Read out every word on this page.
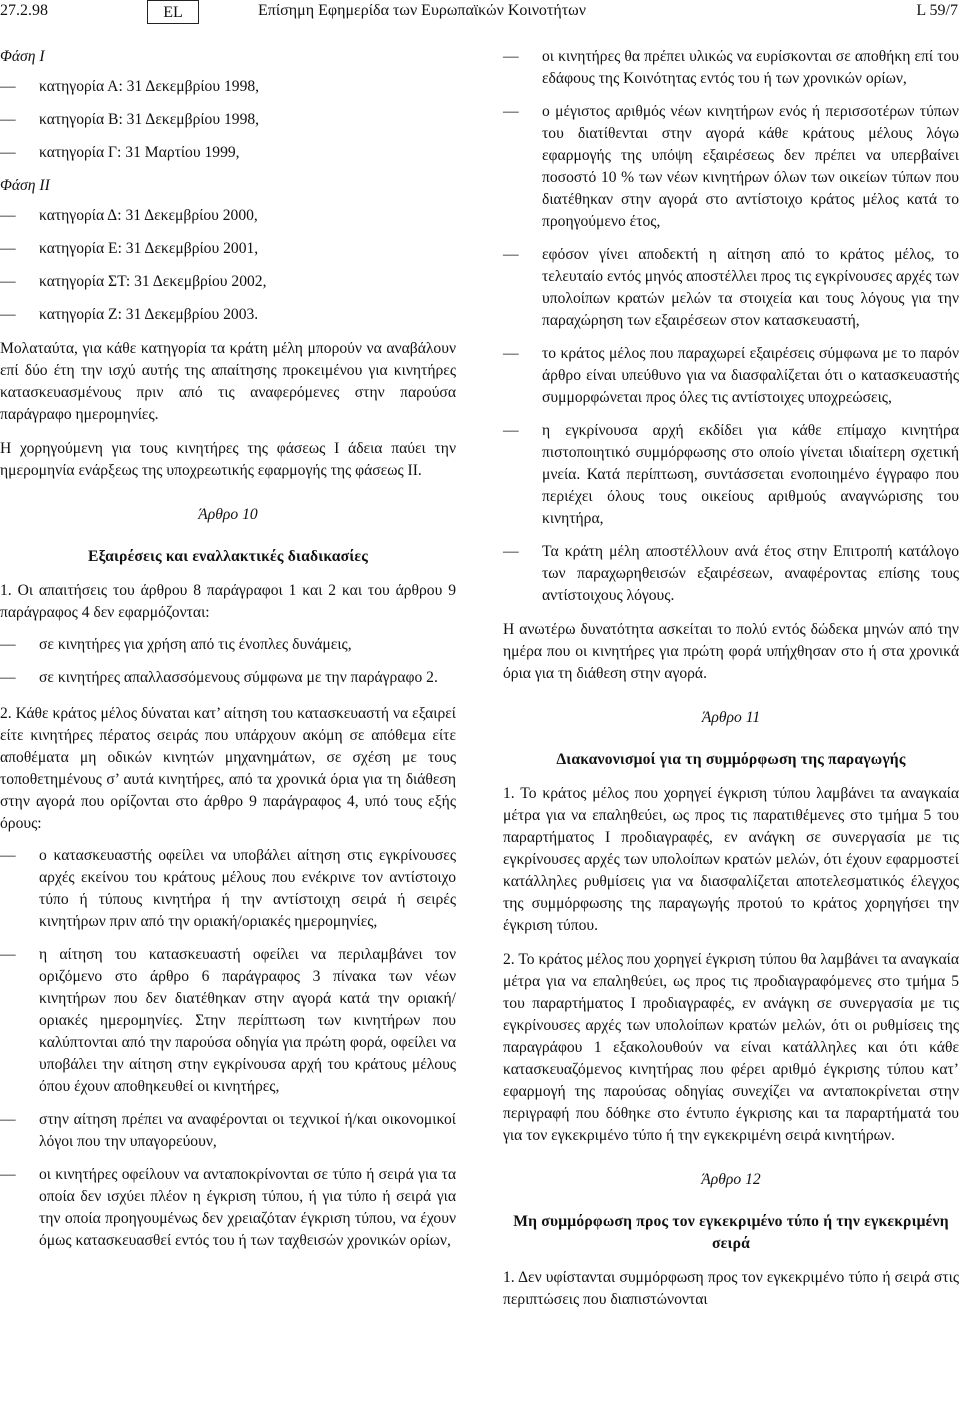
27.2.98	EL	Επίσημη Εφημερίδα των Ευρωπαϊκών Κοινοτήτων	L 59/7

Φάση I

—	κατηγορία Α: 31 Δεκεμβρίου 1998,
—	κατηγορία Β: 31 Δεκεμβρίου 1998,
—	κατηγορία Γ: 31 Μαρτίου 1999,

Φάση II

—	κατηγορία Δ: 31 Δεκεμβρίου 2000,
—	κατηγορία Ε: 31 Δεκεμβρίου 2001,
—	κατηγορία ΣΤ: 31 Δεκεμβρίου 2002,
—	κατηγορία Ζ: 31 Δεκεμβρίου 2003.

Μολαταύτα, για κάθε κατηγορία τα κράτη μέλη μπορούν να αναβάλουν επί δύο έτη την ισχύ αυτής της απαίτησης προκειμένου για κινητήρες κατασκευασμένους πριν από τις αναφερόμενες στην παρούσα παράγραφο ημερομηνίες.

Η χορηγούμενη για τους κινητήρες της φάσεως I άδεια παύει την ημερομηνία ενάρξεως της υποχρεωτικής εφαρμογής της φάσεως II.

Άρθρο 10

Εξαιρέσεις και εναλλακτικές διαδικασίες

1. Οι απαιτήσεις του άρθρου 8 παράγραφοι 1 και 2 και του άρθρου 9 παράγραφος 4 δεν εφαρμόζονται:

—	σε κινητήρες για χρήση από τις ένοπλες δυνάμεις,
—	σε κινητήρες απαλλασσόμενους σύμφωνα με την παράγραφο 2.

2. Κάθε κράτος μέλος δύναται κατ’ αίτηση του κατασκευαστή να εξαιρεί είτε κινητήρες πέρατος σειράς που υπάρχουν ακόμη σε απόθεμα είτε αποθέματα μη οδικών κινητών μηχανημάτων, σε σχέση με τους τοποθετημένους σ’ αυτά κινητήρες, από τα χρονικά όρια για τη διάθεση στην αγορά που ορίζονται στο άρθρο 9 παράγραφος 4, υπό τους εξής όρους:

—	ο κατασκευαστής οφείλει να υποβάλει αίτηση στις εγκρίνουσες αρχές εκείνου του κράτους μέλους που ενέκρινε τον αντίστοιχο τύπο ή τύπους κινητήρα ή την αντίστοιχη σειρά ή σειρές κινητήρων πριν από την οριακή/οριακές ημερομηνίες,
—	η αίτηση του κατασκευαστή οφείλει να περιλαμβάνει τον οριζόμενο στο άρθρο 6 παράγραφος 3 πίνακα των νέων κινητήρων που δεν διατέθηκαν στην αγορά κατά την οριακή/οριακές ημερομηνίες. Στην περίπτωση των κινητήρων που καλύπτονται από την παρούσα οδηγία για πρώτη φορά, οφείλει να υποβάλει την αίτηση στην εγκρίνουσα αρχή του κράτους μέλους όπου έχουν αποθηκευθεί οι κινητήρες,
—	στην αίτηση πρέπει να αναφέρονται οι τεχνικοί ή/και οικονομικοί λόγοι που την υπαγορεύουν,
—	οι κινητήρες οφείλουν να ανταποκρίνονται σε τύπο ή σειρά για τα οποία δεν ισχύει πλέον η έγκριση τύπου, ή για τύπο ή σειρά για την οποία προηγουμένως δεν χρειαζόταν έγκριση τύπου, να έχουν όμως κατασκευασθεί εντός του ή των ταχθεισών χρονικών ορίων,
—	οι κινητήρες θα πρέπει υλικώς να ευρίσκονται σε αποθήκη επί του εδάφους της Κοινότητας εντός του ή των χρονικών ορίων,
—	ο μέγιστος αριθμός νέων κινητήρων ενός ή περισσοτέρων τύπων του διατίθενται στην αγορά κάθε κράτους μέλους λόγω εφαρμογής της υπόψη εξαιρέσεως δεν πρέπει να υπερβαίνει ποσοστό 10 % των νέων κινητήρων όλων των οικείων τύπων που διατέθηκαν στην αγορά στο αντίστοιχο κράτος μέλος κατά το προηγούμενο έτος,
—	εφόσον γίνει αποδεκτή η αίτηση από το κράτος μέλος, το τελευταίο εντός μηνός αποστέλλει προς τις εγκρίνουσες αρχές των υπολοίπων κρατών μελών τα στοιχεία και τους λόγους για την παραχώρηση των εξαιρέσεων στον κατασκευαστή,
—	το κράτος μέλος που παραχωρεί εξαιρέσεις σύμφωνα με το παρόν άρθρο είναι υπεύθυνο για να διασφαλίζεται ότι ο κατασκευαστής συμμορφώνεται προς όλες τις αντίστοιχες υποχρεώσεις,
—	η εγκρίνουσα αρχή εκδίδει για κάθε επίμαχο κινητήρα πιστοποιητικό συμμόρφωσης στο οποίο γίνεται ιδιαίτερη σχετική μνεία. Κατά περίπτωση, συντάσσεται ενοποιημένο έγγραφο που περιέχει όλους τους οικείους αριθμούς αναγνώρισης του κινητήρα,
—	Τα κράτη μέλη αποστέλλουν ανά έτος στην Επιτροπή κατάλογο των παραχωρηθεισών εξαιρέσεων, αναφέροντας επίσης τους αντίστοιχους λόγους.

Η ανωτέρω δυνατότητα ασκείται το πολύ εντός δώδεκα μηνών από την ημέρα που οι κινητήρες για πρώτη φορά υπήχθησαν στο ή στα χρονικά όρια για τη διάθεση στην αγορά.

Άρθρο 11

Διακανονισμοί για τη συμμόρφωση της παραγωγής

1. Το κράτος μέλος που χορηγεί έγκριση τύπου λαμβάνει τα αναγκαία μέτρα για να επαληθεύει, ως προς τις παρατιθέμενες στο τμήμα 5 του παραρτήματος I προδιαγραφές, εν ανάγκη σε συνεργασία με τις εγκρίνουσες αρχές των υπολοίπων κρατών μελών, ότι έχουν εφαρμοστεί κατάλληλες ρυθμίσεις για να διασφαλίζεται αποτελεσματικός έλεγχος της συμμόρφωσης της παραγωγής προτού το κράτος χορηγήσει την έγκριση τύπου.

2. Το κράτος μέλος που χορηγεί έγκριση τύπου θα λαμβάνει τα αναγκαία μέτρα για να επαληθεύει, ως προς τις προδιαγραφόμενες στο τμήμα 5 του παραρτήματος I προδιαγραφές, εν ανάγκη σε συνεργασία με τις εγκρίνουσες αρχές των υπολοίπων κρατών μελών, ότι οι ρυθμίσεις της παραγράφου 1 εξακολουθούν να είναι κατάλληλες και ότι κάθε κατασκευαζόμενος κινητήρας που φέρει αριθμό έγκρισης τύπου κατ’ εφαρμογή της παρούσας οδηγίας συνεχίζει να ανταποκρίνεται στην περιγραφή που δόθηκε στο έντυπο έγκρισης και τα παραρτήματά του για τον εγκεκριμένο τύπο ή την εγκεκριμένη σειρά κινητήρων.

Άρθρο 12

Μη συμμόρφωση προς τον εγκεκριμένο τύπο ή την εγκεκριμένη σειρά

1. Δεν υφίστανται συμμόρφωση προς τον εγκεκριμένο τύπο ή σειρά στις περιπτώσεις που διαπιστώνονται
